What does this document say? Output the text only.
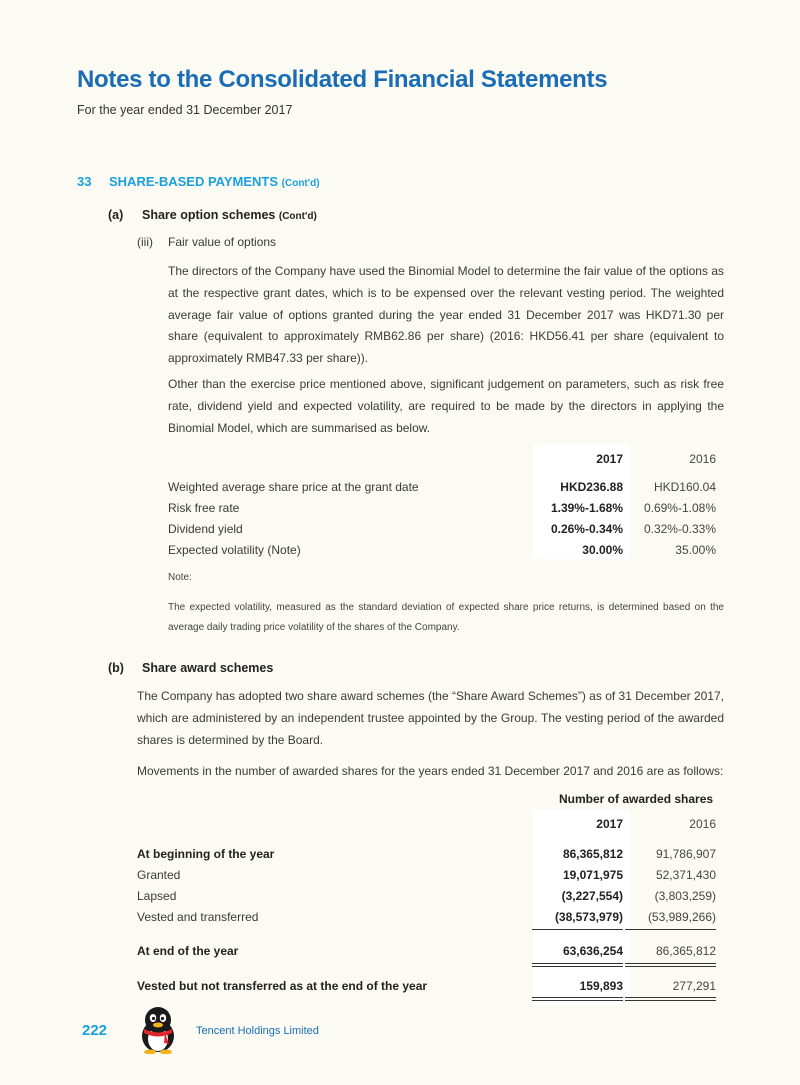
Notes to the Consolidated Financial Statements
For the year ended 31 December 2017
33 SHARE-BASED PAYMENTS (Cont'd)
(a) Share option schemes (Cont'd)
(iii) Fair value of options

The directors of the Company have used the Binomial Model to determine the fair value of the options as at the respective grant dates, which is to be expensed over the relevant vesting period. The weighted average fair value of options granted during the year ended 31 December 2017 was HKD71.30 per share (equivalent to approximately RMB62.86 per share) (2016: HKD56.41 per share (equivalent to approximately RMB47.33 per share)).

Other than the exercise price mentioned above, significant judgement on parameters, such as risk free rate, dividend yield and expected volatility, are required to be made by the directors in applying the Binomial Model, which are summarised as below.

2017	2016
Weighted average share price at the grant date	HKD236.88	HKD160.04
Risk free rate	1.39%-1.68%	0.69%-1.08%
Dividend yield	0.26%-0.34%	0.32%-0.33%
Expected volatility (Note)	30.00%	35.00%
Note:
The expected volatility, measured as the standard deviation of expected share price returns, is determined based on the average daily trading price volatility of the shares of the Company.
(b) Share award schemes

The Company has adopted two share award schemes (the “Share Award Schemes”) as of 31 December 2017, which are administered by an independent trustee appointed by the Group. The vesting period of the awarded shares is determined by the Board.

Movements in the number of awarded shares for the years ended 31 December 2017 and 2016 are as follows:

Number of awarded shares
2017	2016
At beginning of the year	86,365,812	91,786,907
Granted	19,071,975	52,371,430
Lapsed	(3,227,554)	(3,803,259)
Vested and transferred	(38,573,979)	(53,989,266)
At end of the year	63,636,254	86,365,812
Vested but not transferred as at the end of the year	159,893	277,291
222	Tencent Holdings Limited
